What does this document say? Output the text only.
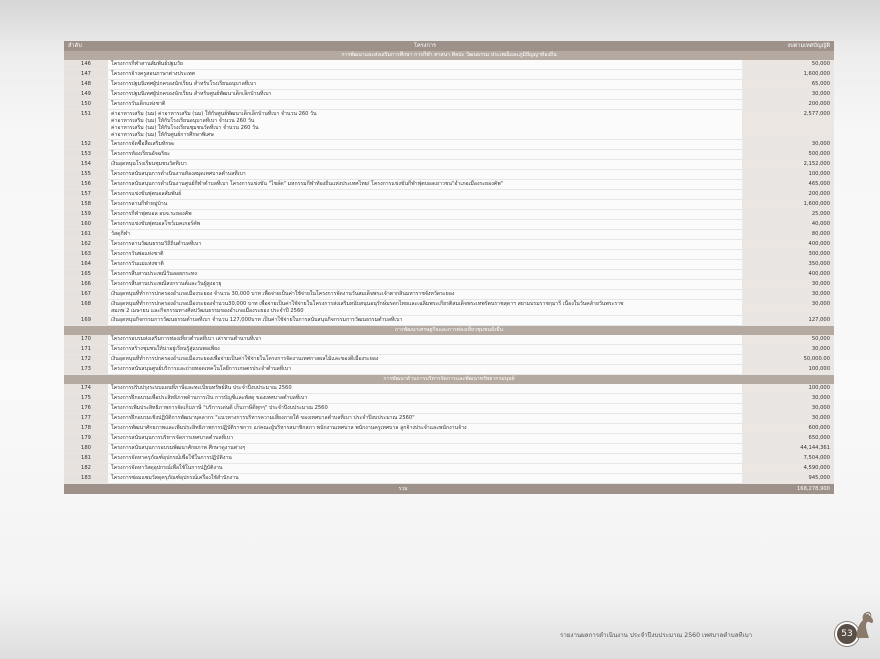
ลำดับ	โครงการ	งบตามเทศบัญญัติ
การพัฒนาและส่งเสริมการศึกษา การกีฬา ศาสนา ศิลปะ วัฒนธรรม ประเพณีและภูมิปัญญาท้องถิ่น		
146	โครงการกีฬาสานสัมพันธ์ปฐมวัย	50,000
147	โครงการจ้างครูสอนภาษาต่างประเทศ	1,600,000
148	โครงการปฐมนิเทศผู้ปกครองนักเรียน สำหรับโรงเรียนอนุบาลทีเบา	65,000
149	โครงการปฐมนิเทศผู้ปกครองนักเรียน สำหรับศูนย์พัฒนาเด็กเล็กบ้านทีเบา	30,000
150	โครงการวันเด็กแห่งชาติ	200,000
151	ค่าอาหารเสริม (นม) ค่าอาหารเสริม (นม) ให้กับศูนย์พัฒนาเด็กเล็กบ้านทีเบา จำนวน 260 วัน
ค่าอาหารเสริม (นม) ให้กับโรงเรียนอนุบาลทีเบา จำนวน 260 วัน
ค่าอาหารเสริม (นม) ให้กับโรงเรียนชุมชนวัดทีเบา จำนวน 260 วัน
ค่าอาหารเสริม (นม) ให้กับศูนย์การศึกษาพิเศษ	2,577,000
152	โครงการจัดซื้อสื่อเสริมทักษะ	30,000
153	โครงการห้องเรียนอัจฉริยะ	500,000
154	เงินอุดหนุนโรงเรียนชุมชนวัดทีเบา	2,152,000
155	โครงการสนับสนุนการดำเนินงานห้องสมุดเทศบาลตำบลทีเบา	100,000
156	โครงการสนับสนุนการดำเนินงานศูนย์กีฬาตำบลทีเบา โครงการแข่งขัน "ไชล์ด" มหกรรมกีฬาท้องถิ่นแห่งประเทศไทย/ โครงการแข่งขันกีฬาฟุตบอลเยาวชน"อำเภอเมืองระยองคัพ"	465,000
157	โครงการแข่งขันฟุตบอลสัมพันธ์	200,000
158	โครงการลานกีฬาหมู่บ้าน	1,600,000
159	โครงการกีฬาฟุตบอล อบจ.ระยองคัพ	25,000
160	โครงการแข่งขันฟุตบอลโชว์เมคเกอร์คัพ	40,000
161	วัสดุกีฬา	80,000
162	โครงการลานวัฒนธรรมวิถีถิ่นตำบลทีเบา	400,000
163	โครงการวันพ่อแห่งชาติ	300,000
164	โครงการวันแม่แห่งชาติ	350,000
165	โครงการสืบสานประเพณีวันลอยกระทง	400,000
166	โครงการสืบสานประเพณีสงกรานต์และวันผู้สูงอายุ	30,000
167	เงินอุดหนุนที่ทำการปกครองอำเภอเมืองระยอง จำนวน 30,000 บาท เพื่อจ่ายเป็นค่าใช้จ่ายในโครงการจัดงานวันสมเด็จพระเจ้าตากสินมหาราชจังหวัดระยอง	30,000
168	เงินอุดหนุนที่ทำการปกครองอำเภอเมืองระยองจำนวน30,000 บาท เพื่อจ่ายเป็นค่าใช้จ่ายในโครงการส่งเสริมสนับสนุนอนุรักษ์มรดกไทยและเฉลิมพระเกียรติสมเด็จพระเทพรัตนราชสุดาฯ สยามบรมราชกุมารี เนื่องในวันคล้ายวันพระราช
สมภพ 2 เมษายน และกิจกรรมทางศิลปวัฒนธรรมของอำเภอเมืองระยอง ประจำปี 2560	30,000
169	เงินอุดหนุนกิจกรรมการวัฒนธรรมตำบลทีเบา จำนวน 127,000บาท เป็นค่าใช้จ่ายในการสนับสนุนกิจกรรมการวัฒนธรรมตำบลทีเบา	127,000
การพัฒนาเศรษฐกิจและการท่องเที่ยวชุมชนยั่งยืน		
170	โครงการอบรมส่งเสริมการท่องเที่ยวตำบลทีเบา เล่าขานตำนานทีเบา	50,000
171	โครงการสร้างชุมชนให้น่าอยู่เรียนรู้สู่แบบพอเพียง	30,000
172	เงินอุดหนุนที่ทำการปกครองอำเภอเมืองระยองเพื่อจ่ายเป็นค่าใช้จ่ายในโครงการจัดงานเทศกาลผลไม้และของดีเมืองระยอง	50,000.00
173	โครงการสนับสนุนศูนย์บริการและถ่ายทอดเทคโนโลยีการเกษตรประจำตำบลทีเบา	100,000
การพัฒนาด้านการบริหารจัดการและพัฒนาทรัพยากรมนุษย์		
174	โครงการปรับปรุงระบบแผนที่ภาษีและทะเบียนทรัพย์สิน ประจำปีงบประมาณ 2560	100,000
175	โครงการฝึกอบรมเพื่อประสิทธิภาพด้านการเงิน การบัญชีและพัสดุ ของเทศบาลตำบลทีเบา	30,000
176	โครงการเพิ่มประสิทธิภาพการจัดเก็บภาษี "บริการเด่นดี เก็บภาษีดีทุกๆ" ประจำปีงบประมาณ 2560	30,000
177	โครงการฝึกอบรมเชิงปฏิบัติการพัฒนาบุคลากร "แนวทางการบริหารความเสี่ยงภายใต้ ของเทศบาลตำบลทีเบา ประจำปีงบประมาณ 2560"	30,000
178	โครงการพัฒนาศักยภาพและเพิ่มประสิทธิภาพการปฏิบัติราชการ แก่คณะผู้บริหารสมาชิกสภา พนักงานเทศบาล พนักงานครูเทศบาล ลูกจ้างประจำและพนักงานจ้าง	600,000
179	โครงการสนับสนุนการบริหารจัดการเทศบาลตำบลทีเบา	650,000
180	โครงการสนับสนุนการอบรมพัฒนาศักยภาพ ศึกษาดูงานต่างๆ	44,144,361
181	โครงการจัดหาครุภัณฑ์อุปกรณ์เพื่อใช้ในการปฏิบัติงาน	7,504,000
182	โครงการจัดหาวัสดุอุปกรณ์เพื่อใช้ในการปฏิบัติงาน	4,590,000
183	โครงการซ่อมแซมวัสดุครุภัณฑ์อุปกรณ์เครื่องใช้สำนักงาน	945,000
รวม		168,278,900
รายงานผลการดำเนินงาน ประจำปีงบประมาณ 2560 เทศบาลตำบลทีเบา	53
